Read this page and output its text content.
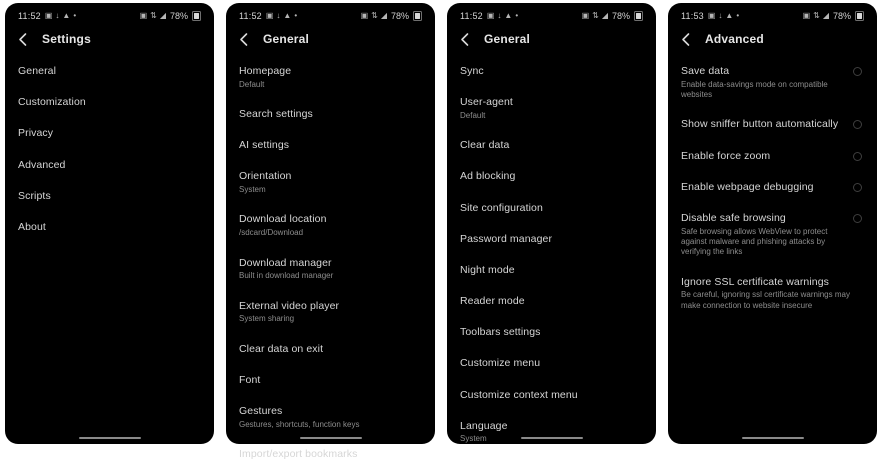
11:52 ▣ ↓ ▲ •	▣ ⇅ ◢ 78%
Settings
General
Customization
Privacy
Advanced
Scripts
About
11:52 ▣ ↓ ▲ •	▣ ⇅ ◢ 78%
General
Homepage
Default
Search settings
AI settings
Orientation
System
Download location
/sdcard/Download
Download manager
Built in download manager
External video player
System sharing
Clear data on exit
Font
Gestures
Gestures, shortcuts, function keys
Import/export bookmarks
11:52 ▣ ↓ ▲ •	▣ ⇅ ◢ 78%
General
Sync
User-agent
Default
Clear data
Ad blocking
Site configuration
Password manager
Night mode
Reader mode
Toolbars settings
Customize menu
Customize context menu
Language
System
11:53 ▣ ↓ ▲ •	▣ ⇅ ◢ 78%
Advanced
Save data
Enable data-savings mode on compatible websites
Show sniffer button automatically
Enable force zoom
Enable webpage debugging
Disable safe browsing
Safe browsing allows WebView to protect against malware and phishing attacks by verifying the links
Ignore SSL certificate warnings
Be careful, ignoring ssl certificate warnings may make connection to website insecure
